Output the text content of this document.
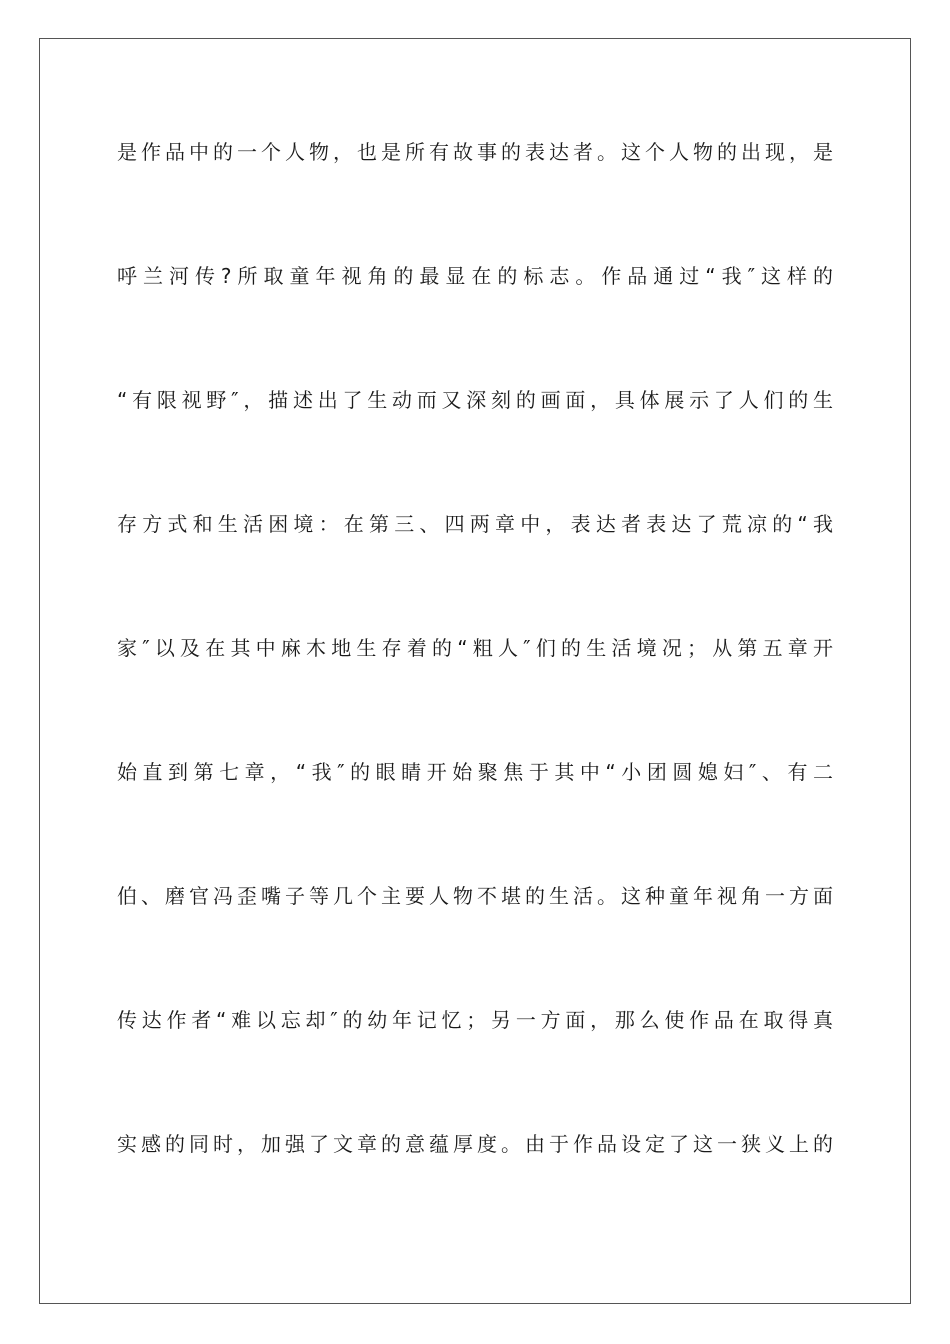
是作品中的一个人物，也是所有故事的表达者。这个人物的出现，是
呼兰河传?所取童年视角的最显在的标志。作品通过“我″这样的
“有限视野″，描述出了生动而又深刻的画面，具体展示了人们的生
存方式和生活困境：在第三、四两章中，表达者表达了荒凉的“我
家″以及在其中麻木地生存着的“粗人″们的生活境况；从第五章开
始直到第七章，“我″的眼睛开始聚焦于其中“小团圆媳妇″、有二
伯、磨官冯歪嘴子等几个主要人物不堪的生活。这种童年视角一方面
传达作者“难以忘却″的幼年记忆；另一方面，那么使作品在取得真
实感的同时，加强了文章的意蕴厚度。由于作品设定了这一狭义上的
